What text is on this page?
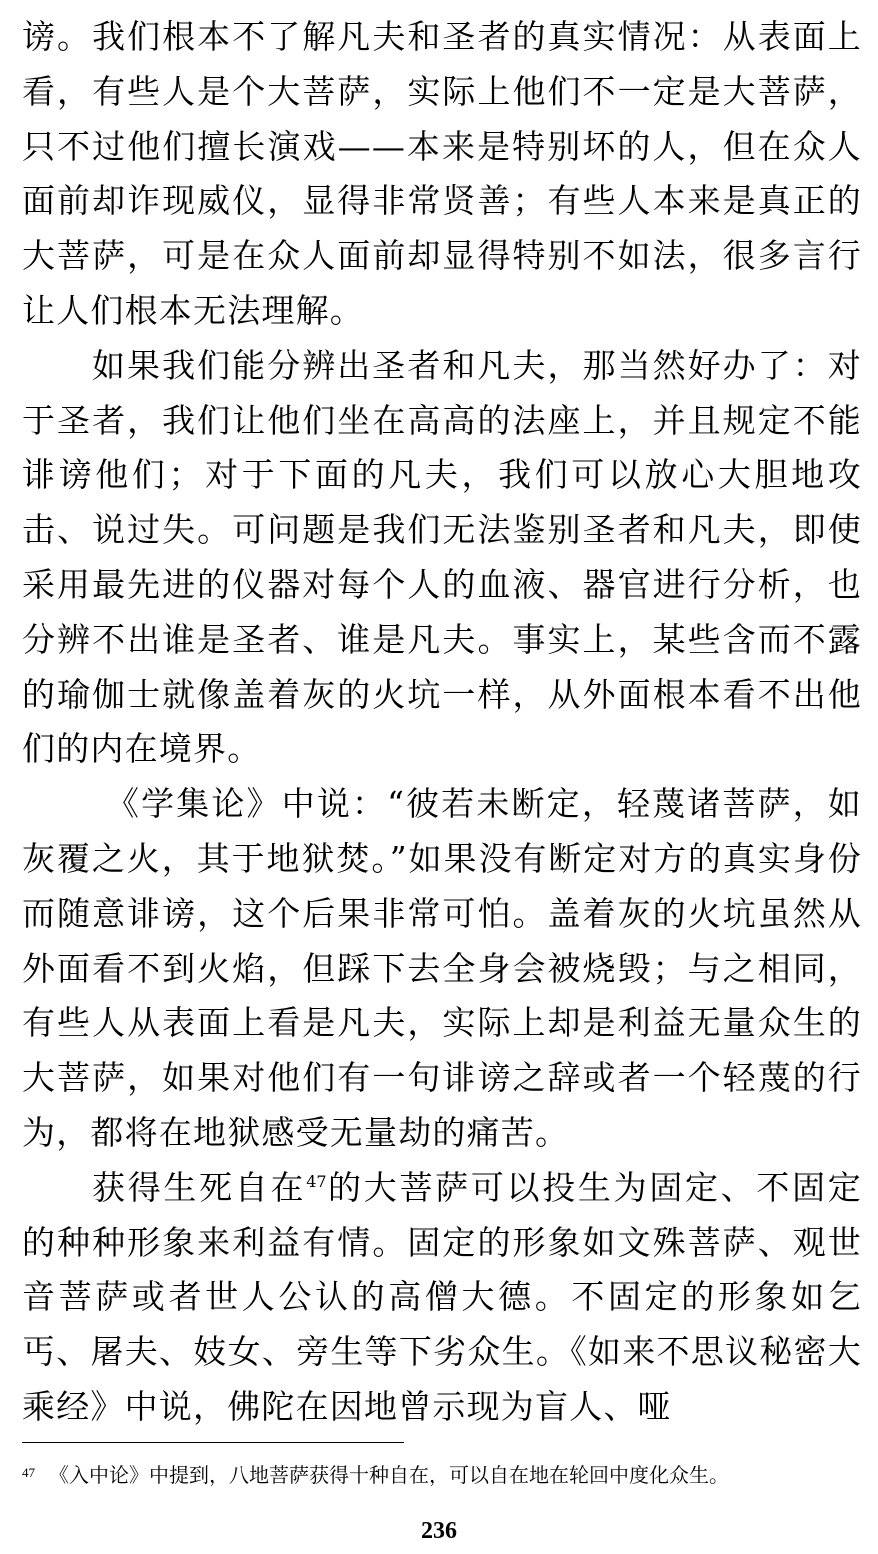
谤。我们根本不了解凡夫和圣者的真实情况：从表面上看，有些人是个大菩萨，实际上他们不一定是大菩萨，只不过他们擅长演戏——本来是特别坏的人，但在众人面前却诈现威仪，显得非常贤善；有些人本来是真正的大菩萨，可是在众人面前却显得特别不如法，很多言行让人们根本无法理解。

如果我们能分辨出圣者和凡夫，那当然好办了：对于圣者，我们让他们坐在高高的法座上，并且规定不能诽谤他们；对于下面的凡夫，我们可以放心大胆地攻击、说过失。可问题是我们无法鉴别圣者和凡夫，即使采用最先进的仪器对每个人的血液、器官进行分析，也分辨不出谁是圣者、谁是凡夫。事实上，某些含而不露的瑜伽士就像盖着灰的火坑一样，从外面根本看不出他们的内在境界。

《学集论》中说：“彼若未断定，轻蔑诸菩萨，如灰覆之火，其于地狱焚。”如果没有断定对方的真实身份而随意诽谤，这个后果非常可怕。盖着灰的火坑虽然从外面看不到火焰，但踩下去全身会被烧毁；与之相同，有些人从表面上看是凡夫，实际上却是利益无量众生的大菩萨，如果对他们有一句诽谤之辞或者一个轻蔑的行为，都将在地狱感受无量劫的痛苦。

获得生死自在$^{47}$的大菩萨可以投生为固定、不固定的种种形象来利益有情。固定的形象如文殊菩萨、观世音菩萨或者世人公认的高僧大德。不固定的形象如乞丐、屠夫、妓女、旁生等下劣众生。《如来不思议秘密大乘经》中说，佛陀在因地曾示现为盲人、哑

$^{47}$ 《入中论》中提到，八地菩萨获得十种自在，可以自在地在轮回中度化众生。
236
